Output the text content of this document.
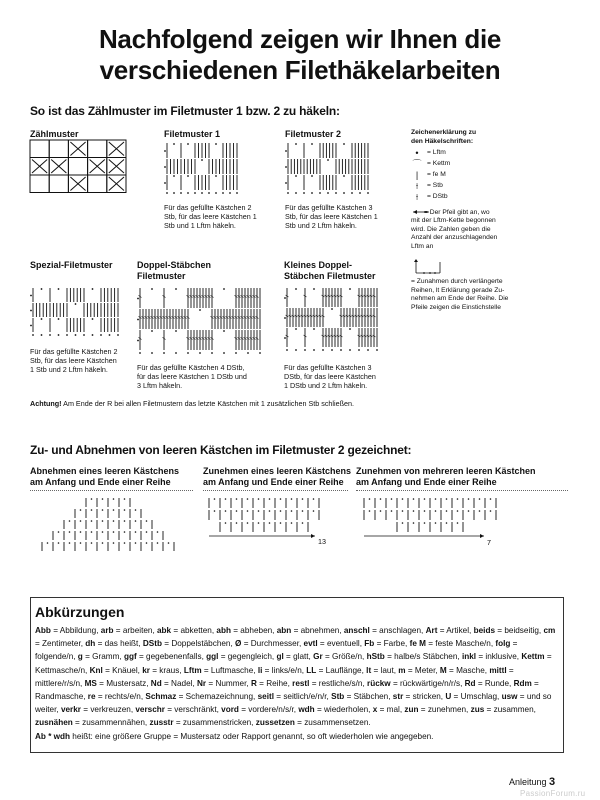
Nachfolgend zeigen wir Ihnen die
verschiedenen Filethäkelarbeiten
So ist das Zählmuster im Filetmuster 1 bzw. 2 zu häkeln:
Zählmuster	Filetmuster 1	Filetmuster 2
Für das gefüllte Kästchen 2
Stb, für das leere Kästchen 1
Stb und 1 Lftm häkeln.
Für das gefüllte Kästchen 3
Stb, für das leere Kästchen 1
Stb und 2 Lftm häkeln.
Zeichenerklärung zu
den Häkelschriften:
•	= Lftm
⌒ = Kettm
|	= fe M
⟊	= Stb
⟊	= DStb
= Der Pfeil gibt an, wo
mit der Lftm-Kette begonnen
wird. Die Zahlen geben die
Anzahl der anzuschlagenden
Lftm an
= Zunahmen durch verlängerte
Reihen, lt Erklärung gerade Zu-
nehmen am Ende der Reihe. Die
Pfeile zeigen die Einstichstelle
Spezial-Filetmuster	Doppel-Stäbchen
Filetmuster
Kleines Doppel-
Stäbchen Filetmuster
Für das gefüllte Kästchen 2
Stb, für das leere Kästchen
1 Stb und 2 Lftm häkeln.	Für das gefüllte Kästchen 4 DStb,
für das leere Kästchen 1 DStb und
3 Lftm häkeln.
Für das gefüllte Kästchen 3
DStb, für das leere Kästchen
1 DStb und 2 Lftm häkeln.
Achtung! Am Ende der R bei allen Filetmustern das letzte Kästchen mit 1 zusätzlichen Stb schließen.
Zu- und Abnehmen von leeren Kästchen im Filetmuster 2 gezeichnet:
Abnehmen eines leeren Kästchens
am Anfang und Ende einer Reihe
Zunehmen eines leeren Kästchens
am Anfang und Ende einer Reihe
Zunehmen von mehreren leeren Kästchen
am Anfang und Ende einer Reihe
13	7
Abkürzungen
Abb = Abbildung, arb = arbeiten, abk = abketten, abh = abheben, abn = abnehmen, anschl = anschlagen, Art = Artikel, beids = beidseitig, cm = Zentimeter, dh = das heißt, DStb = Doppelstäbchen, Ø = Durchmesser, evtl = eventuell, Fb = Farbe, fe M = feste Masche/n, folg = folgende/n, g = Gramm, ggf = gegebenenfalls, ggl = gegengleich, gl = glatt, Gr = Größe/n, hStb = halbe/s Stäbchen, inkl = inklusive, Kettm = Kettmasche/n, Knl = Knäuel, kr = kraus, Lftm = Luftmasche, li = links/e/n, LL = Lauflänge, lt = laut, m = Meter, M = Masche, mittl = mittlere/r/s/n, MS = Mustersatz, Nd = Nadel, Nr = Nummer, R = Reihe, restl = restliche/s/n, rückw = rückwärtige/n/r/s, Rd = Runde, Rdm = Randmasche, re = rechts/e/n, Schmaz = Schemazeichnung, seitl = seitlich/e/n/r, Stb = Stäbchen, str = stricken, U = Umschlag, usw = und so weiter, verkr = verkreuzen, verschr = verschränkt, vord = vordere/n/s/r, wdh = wiederholen, x = mal, zun = zunehmen, zus = zusammen, zusnähen = zusammennähen, zusstr = zusammenstricken, zussetzen = zusammensetzen.
Ab * wdh heißt: eine größere Gruppe = Mustersatz oder Rapport genannt, so oft wiederholen wie angegeben.
Anleitung 3
PassionForum.ru
